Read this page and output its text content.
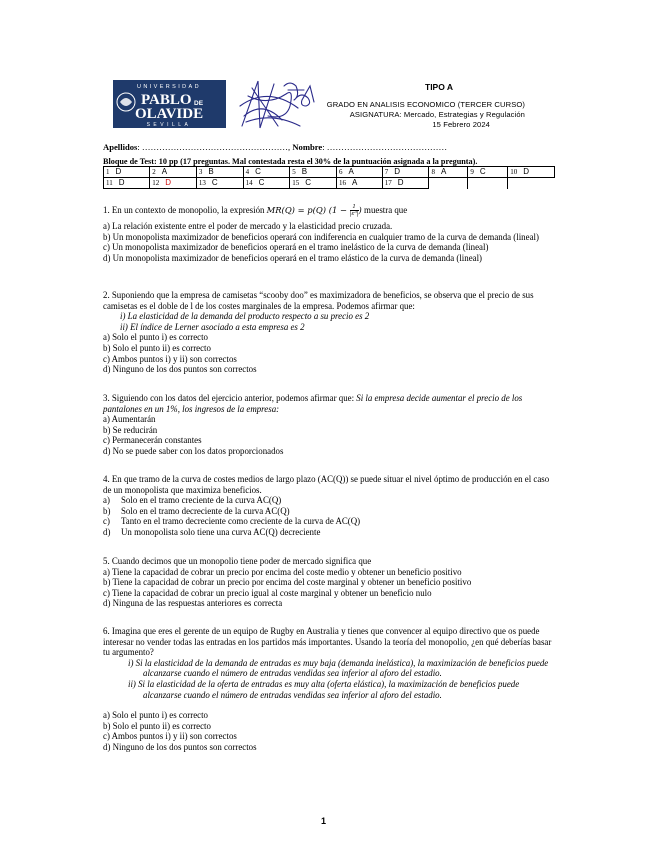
UNIVERSIDAD
PABLO DE
OLAVIDE
SEVILLA
TIPO A
GRADO EN ANALISIS ECONOMICO (TERCER CURSO)
ASIGNATURA: Mercado, Estrategias y Regulación
15 Febrero 2024
Apellidos: ……………………………………………, Nombre: ……………………………………
Bloque de Test: 10 pp (17 preguntas. Mal contestada resta el 30% de la puntuación asignada a la pregunta).
1 D	2 A	3 B	4 C	5 B	6 A	7 D	8 A	9 C	10 D
11 D	12 D	13 C	14 C	15 C	16 A	17 D			

1. En un contexto de monopolio, la expresión MR(Q) = p(Q) ($1 - \frac{1}{\text{|εᵈ|}}$ ) muestra que

a) La relación existente entre el poder de mercado y la elasticidad precio cruzada.

b) Un monopolista maximizador de beneficios operará con indiferencia en cualquier tramo de la curva de demanda (lineal)

c) Un monopolista maximizador de beneficios operará en el tramo inelástico de la curva de demanda (lineal)

d) Un monopolista maximizador de beneficios operará en el tramo elástico de la curva de demanda (lineal)

2. Suponiendo que la empresa de camisetas “scooby doo” es maximizadora de beneficios, se observa que el precio de sus camisetas es el doble de l de los costes marginales de la empresa. Podemos afirmar que:

i) La elasticidad de la demanda del producto respecto a su precio es 2

ii) El índice de Lerner asociado a esta empresa es 2

a) Solo el punto i) es correcto

b) Solo el punto ii) es correcto

c) Ambos puntos i) y ii) son correctos

d) Ninguno de los dos puntos son correctos

3. Siguiendo con los datos del ejercicio anterior, podemos afirmar que: Si la empresa decide aumentar el precio de los pantalones en un 1%, los ingresos de la empresa:

a) Aumentarán

b) Se reducirán

c) Permanecerán constantes

d) No se puede saber con los datos proporcionados

4. En que tramo de la curva de costes medios de largo plazo (AC(Q)) se puede situar el nivel óptimo de producción en el caso de un monopolista que maximiza beneficios.

a) Solo en el tramo creciente de la curva AC(Q)

b) Solo en el tramo decreciente de la curva AC(Q)

c) Tanto en el tramo decreciente como creciente de la curva de AC(Q)

d) Un monopolista solo tiene una curva AC(Q) decreciente

5. Cuando decimos que un monopolio tiene poder de mercado significa que

a) Tiene la capacidad de cobrar un precio por encima del coste medio y obtener un beneficio positivo

b) Tiene la capacidad de cobrar un precio por encima del coste marginal y obtener un beneficio positivo

c) Tiene la capacidad de cobrar un precio igual al coste marginal y obtener un beneficio nulo

d) Ninguna de las respuestas anteriores es correcta

6. Imagina que eres el gerente de un equipo de Rugby en Australia y tienes que convencer al equipo directivo que os puede interesar no vender todas las entradas en los partidos más importantes. Usando la teoría del monopolio, ¿en qué deberías basar tu argumento?

i) Si la elasticidad de la demanda de entradas es muy baja (demanda inelástica), la maximización de beneficios puede alcanzarse cuando el número de entradas vendidas sea inferior al aforo del estadio.

ii) Si la elasticidad de la oferta de entradas es muy alta (oferta elástica), la maximización de beneficios puede alcanzarse cuando el número de entradas vendidas sea inferior al aforo del estadio.

a) Solo el punto i) es correcto

b) Solo el punto ii) es correcto

c) Ambos puntos i) y ii) son correctos

d) Ninguno de los dos puntos son correctos

1
